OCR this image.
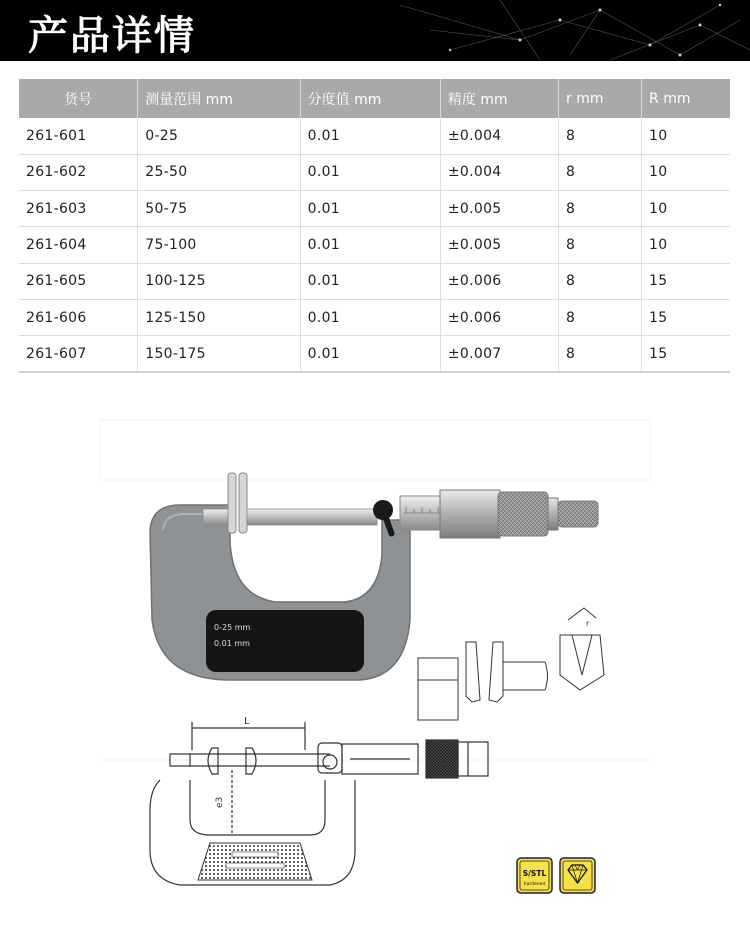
产品详情
货号	测量范围 mm	分度值 mm	精度 mm	r mm	R mm
261-601	0-25	0.01	±0.004	8	10
261-602	25-50	0.01	±0.004	8	10
261-603	50-75	0.01	±0.005	8	10
261-604	75-100	0.01	±0.005	8	10
261-605	100-125	0.01	±0.006	8	15
261-606	125-150	0.01	±0.006	8	15
261-607	150-175	0.01	±0.007	8	15
0-25 mm
0.01 mm
r
L
e3
S/STL
hardened
